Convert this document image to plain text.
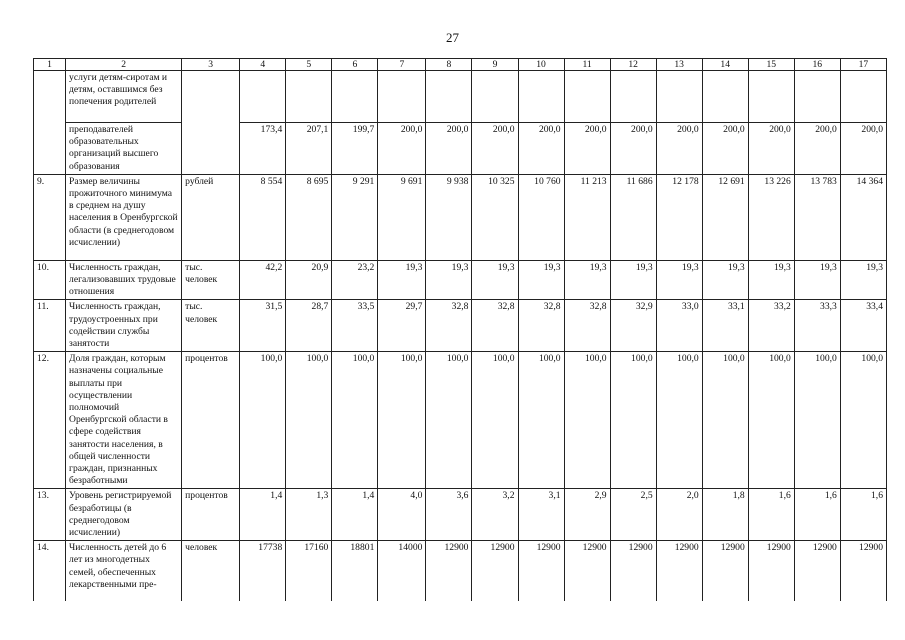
27
1	2	3	4	5	6	7	8	9	10	11	12	13	14	15	16	17
	услуги детям-сиротам и детям, оставшимся без попечения родителей															
	преподавателей образовательных организаций высшего образования		173,4	207,1	199,7	200,0	200,0	200,0	200,0	200,0	200,0	200,0	200,0	200,0	200,0	200,0
9.	Размер величины прожиточного минимума в среднем на душу населения в Оренбургской области (в среднегодовом исчислении)	рублей	8 554	8 695	9 291	9 691	9 938	10 325	10 760	11 213	11 686	12 178	12 691	13 226	13 783	14 364
10.	Численность граждан, легализовавших трудовые отношения	тыс. человек	42,2	20,9	23,2	19,3	19,3	19,3	19,3	19,3	19,3	19,3	19,3	19,3	19,3	19,3
11.	Численность граждан, трудоустроенных при содействии службы занятости	тыс. человек	31,5	28,7	33,5	29,7	32,8	32,8	32,8	32,8	32,9	33,0	33,1	33,2	33,3	33,4
12.	Доля граждан, которым назначены социальные выплаты при осуществлении полномочий Оренбургской области в сфере содействия занятости населения, в общей численности граждан, признанных безработными	процентов	100,0	100,0	100,0	100,0	100,0	100,0	100,0	100,0	100,0	100,0	100,0	100,0	100,0	100,0
13.	Уровень регистрируемой безработицы (в среднегодовом исчислении)	процентов	1,4	1,3	1,4	4,0	3,6	3,2	3,1	2,9	2,5	2,0	1,8	1,6	1,6	1,6
14.	Численность детей до 6 лет из многодетных семей, обеспеченных лекарственными пре-	человек	17738	17160	18801	14000	12900	12900	12900	12900	12900	12900	12900	12900	12900	12900
